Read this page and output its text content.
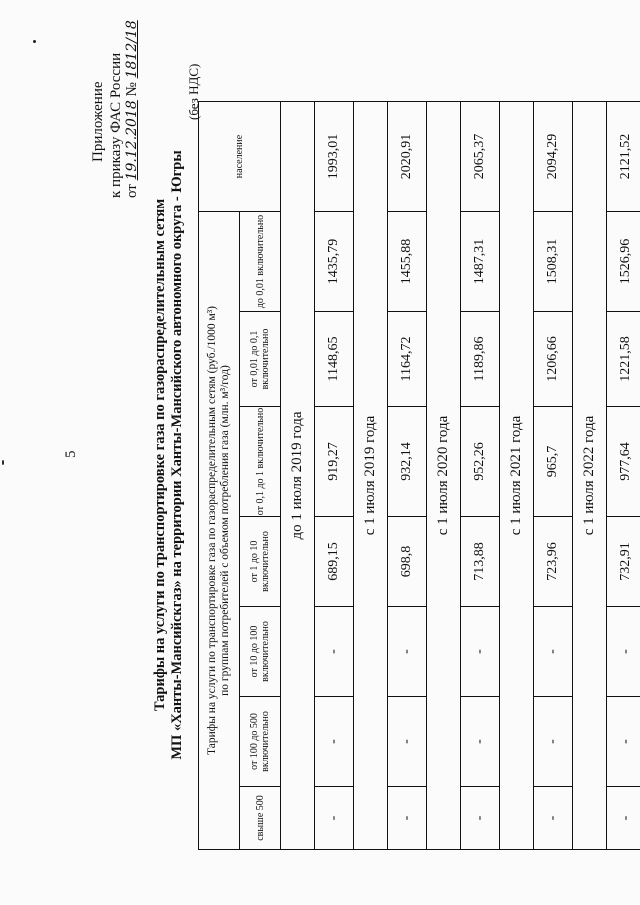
5
Приложение к приказу ФАС России от 19.12.2018 № 1812/18
Тарифы на услуги по транспортировке газа по газораспределительным сетям МП «Ханты-Мансийскгаз» на территории Ханты-Мансийского автономного округа - Югры
(без НДС)
Тарифы на услуги по транспортировке газа по газораспределительным сетям (руб./1000 м³) по группам потребителей с объемом потребления газа (млн. м³/год)							население
свыше 500	от 100 до 500 включительно	от 10 до 100 включительно	от 1 до 10 включительно	от 0,1 до 1 включительно	от 0,01 до 0,1 включительно	до 0,01 включительно	
до 1 июля 2019 года							
-	-	-	689,15	919,27	1148,65	1435,79	1993,01
с 1 июля 2019 года							
-	-	-	698,8	932,14	1164,72	1455,88	2020,91
с 1 июля 2020 года							
-	-	-	713,88	952,26	1189,86	1487,31	2065,37
с 1 июля 2021 года							
-	-	-	723,96	965,7	1206,66	1508,31	2094,29
с 1 июля 2022 года							
-	-	-	732,91	977,64	1221,58	1526,96	2121,52
